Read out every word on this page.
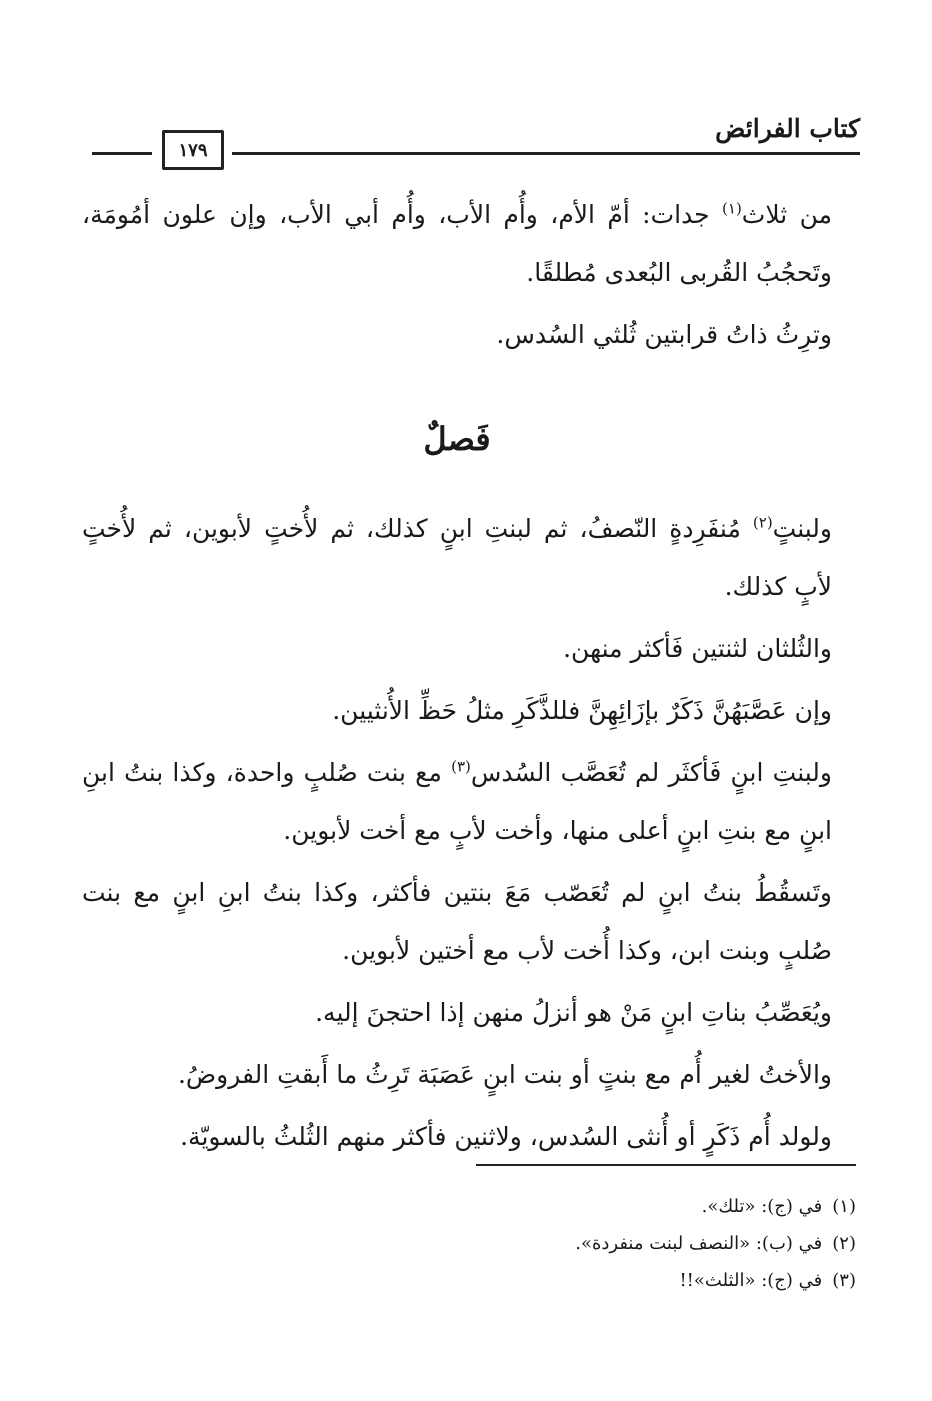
كتاب الفرائض
١٧٩

من ثلاث$^{(١)}$ جدات: أمّ الأم، وأُم الأب، وأُم أبي الأب، وإن علون أمُومَة، وتَحجُبُ القُربى البُعدى مُطلقًا.

وترِثُ ذاتُ قرابتين ثُلثي السُدس.

فَصلٌ

ولبنتٍ$^{(٢)}$ مُنفَرِدةٍ النّصفُ، ثم لبنتِ ابنٍ كذلك، ثم لأُختٍ لأبوين، ثم لأُختٍ لأبٍ كذلك.

والثُلثان لثنتين فَأكثر منهن.

وإن عَصَّبَهُنَّ ذَكَرٌ بإزَائِهِنَّ فللذَّكَرِ مثلُ حَظِّ الأُنثيين.

ولبنتِ ابنٍ فَأكثَر لم تُعَصَّب السُدس$^{(٣)}$ مع بنت صُلبٍ واحدة، وكذا بنتُ ابنِ ابنٍ مع بنتِ ابنٍ أعلى منها، وأخت لأبٍ مع أخت لأبوين.

وتَسقُطُ بنتُ ابنٍ لم تُعَصّب مَعَ بنتين فأكثر، وكذا بنتُ ابنِ ابنٍ مع بنت صُلبٍ وبنت ابن، وكذا أُخت لأب مع أختين لأبوين.

ويُعَصِّبُ بناتِ ابنٍ مَنْ هو أنزلُ منهن إذا احتجنَ إليه.

والأختُ لغير أُم مع بنتٍ أو بنت ابنٍ عَصَبَة تَرِثُ ما أَبقتِ الفروضُ.

ولولد أُم ذَكَرٍ أو أُنثى السُدس، ولاثنين فأكثر منهم الثُلثُ بالسويّة.

(١)
في (ج): «تلك».
(٢)
في (ب): «النصف لبنت منفردة».
(٣)
في (ج): «الثلث»!!
